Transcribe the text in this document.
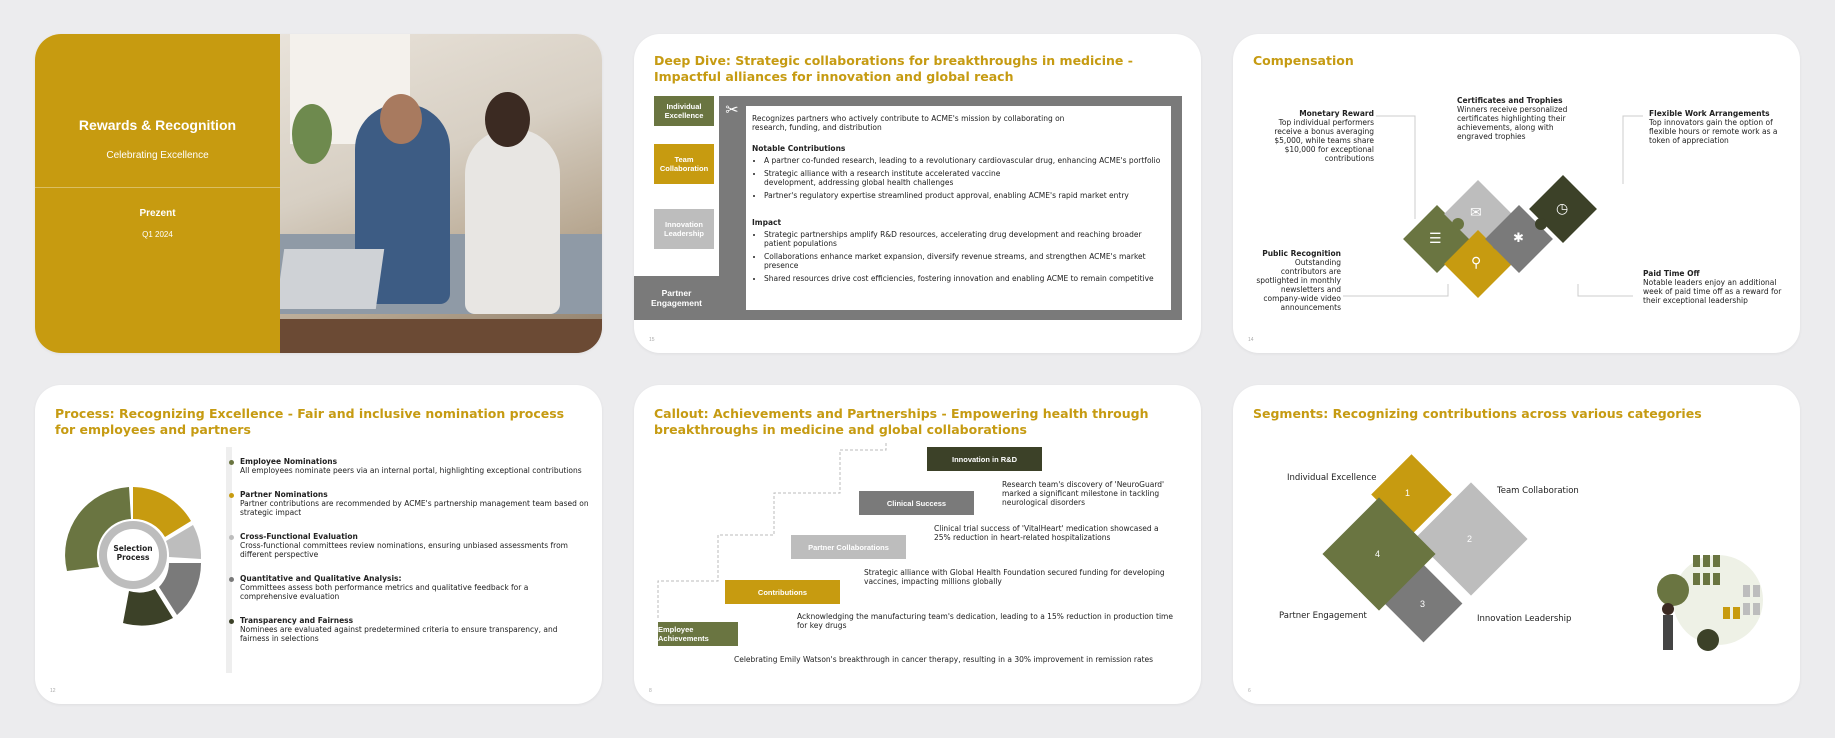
Rewards & Recognition
Celebrating Excellence
Prezent
Q1 2024
Deep Dive: Strategic collaborations for breakthroughs in medicine - Impactful alliances for innovation and global reach
Recognizes partners who actively contribute to ACME's mission by collaborating on research, funding, and distribution
Notable Contributions
• A partner co-funded research, leading to a revolutionary cardiovascular drug, enhancing ACME's portfolio
• Strategic alliance with a research institute accelerated vaccine development, addressing global health challenges
• Partner's regulatory expertise streamlined product approval, enabling ACME's rapid market entry
Impact
• Strategic partnerships amplify R&D resources, accelerating drug development and reaching broader patient populations
• Collaborations enhance market expansion, diversify revenue streams, and strengthen ACME's market presence
• Shared resources drive cost efficiencies, fostering innovation and enabling ACME to remain competitive
✂
Individual Excellence
Team Collaboration
Innovation Leadership
Partner Engagement
15
Compensation
Monetary Reward
Top individual performers receive a bonus averaging $5,000, while teams share $10,000 for exceptional contributions
Certificates and Trophies
Winners receive personalized certificates highlighting their achievements, along with engraved trophies
Flexible Work Arrangements
Top innovators gain the option of flexible hours or remote work as a token of appreciation
Public Recognition
Outstanding contributors are spotlighted in monthly newsletters and company-wide video announcements
Paid Time Off
Notable leaders enjoy an additional week of paid time off as a reward for their exceptional leadership
☰
✉
⚲
✱
◷
14
Process: Recognizing Excellence - Fair and inclusive nomination process for employees and partners
Selection Process
Employee Nominations
All employees nominate peers via an internal portal, highlighting exceptional contributions
Partner Nominations
Partner contributions are recommended by ACME's partnership management team based on strategic impact
Cross-Functional Evaluation
Cross-functional committees review nominations, ensuring unbiased assessments from different perspective
Quantitative and Qualitative Analysis:
Committees assess both performance metrics and qualitative feedback for a comprehensive evaluation
Transparency and Fairness
Nominees are evaluated against predetermined criteria to ensure transparency, and fairness in selections
12
Callout: Achievements and Partnerships - Empowering health through breakthroughs in medicine and global collaborations
Employee Achievements
Celebrating Emily Watson's breakthrough in cancer therapy, resulting in a 30% improvement in remission rates
Contributions
Acknowledging the manufacturing team's dedication, leading to a 15% reduction in production time for key drugs
Partner Collaborations
Strategic alliance with Global Health Foundation secured funding for developing vaccines, impacting millions globally
Clinical Success
Clinical trial success of 'VitalHeart' medication showcased a 25% reduction in heart-related hospitalizations
Innovation in R&D
Research team's discovery of 'NeuroGuard' marked a significant milestone in tackling neurological disorders
8
Segments: Recognizing contributions across various categories
Individual Excellence
Team Collaboration
Partner Engagement	Innovation Leadership
1
2
3
4
6
